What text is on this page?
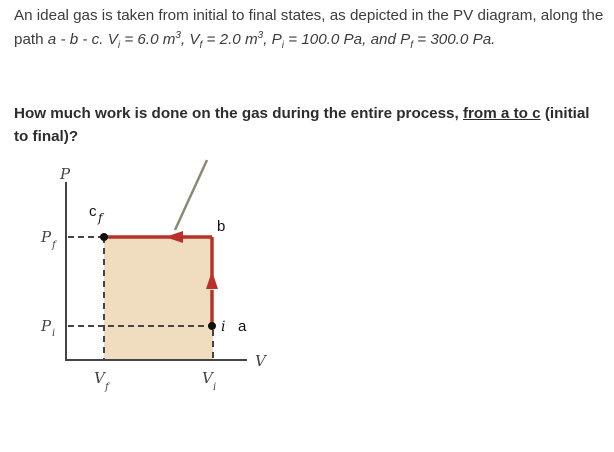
An ideal gas is taken from initial to final states, as depicted in the PV diagram, along the path a - b - c. $V_i = 6.0$ $m^3$, $V_f = 2.0$ $m^3$, $P_i = 100.0$ Pa, and $P_f = 300.0$ Pa.
How much work is done on the gas during the entire process, from a to c (initial to final)?
P
V
P f
P i
V
f
V
i
c f	b
i a
